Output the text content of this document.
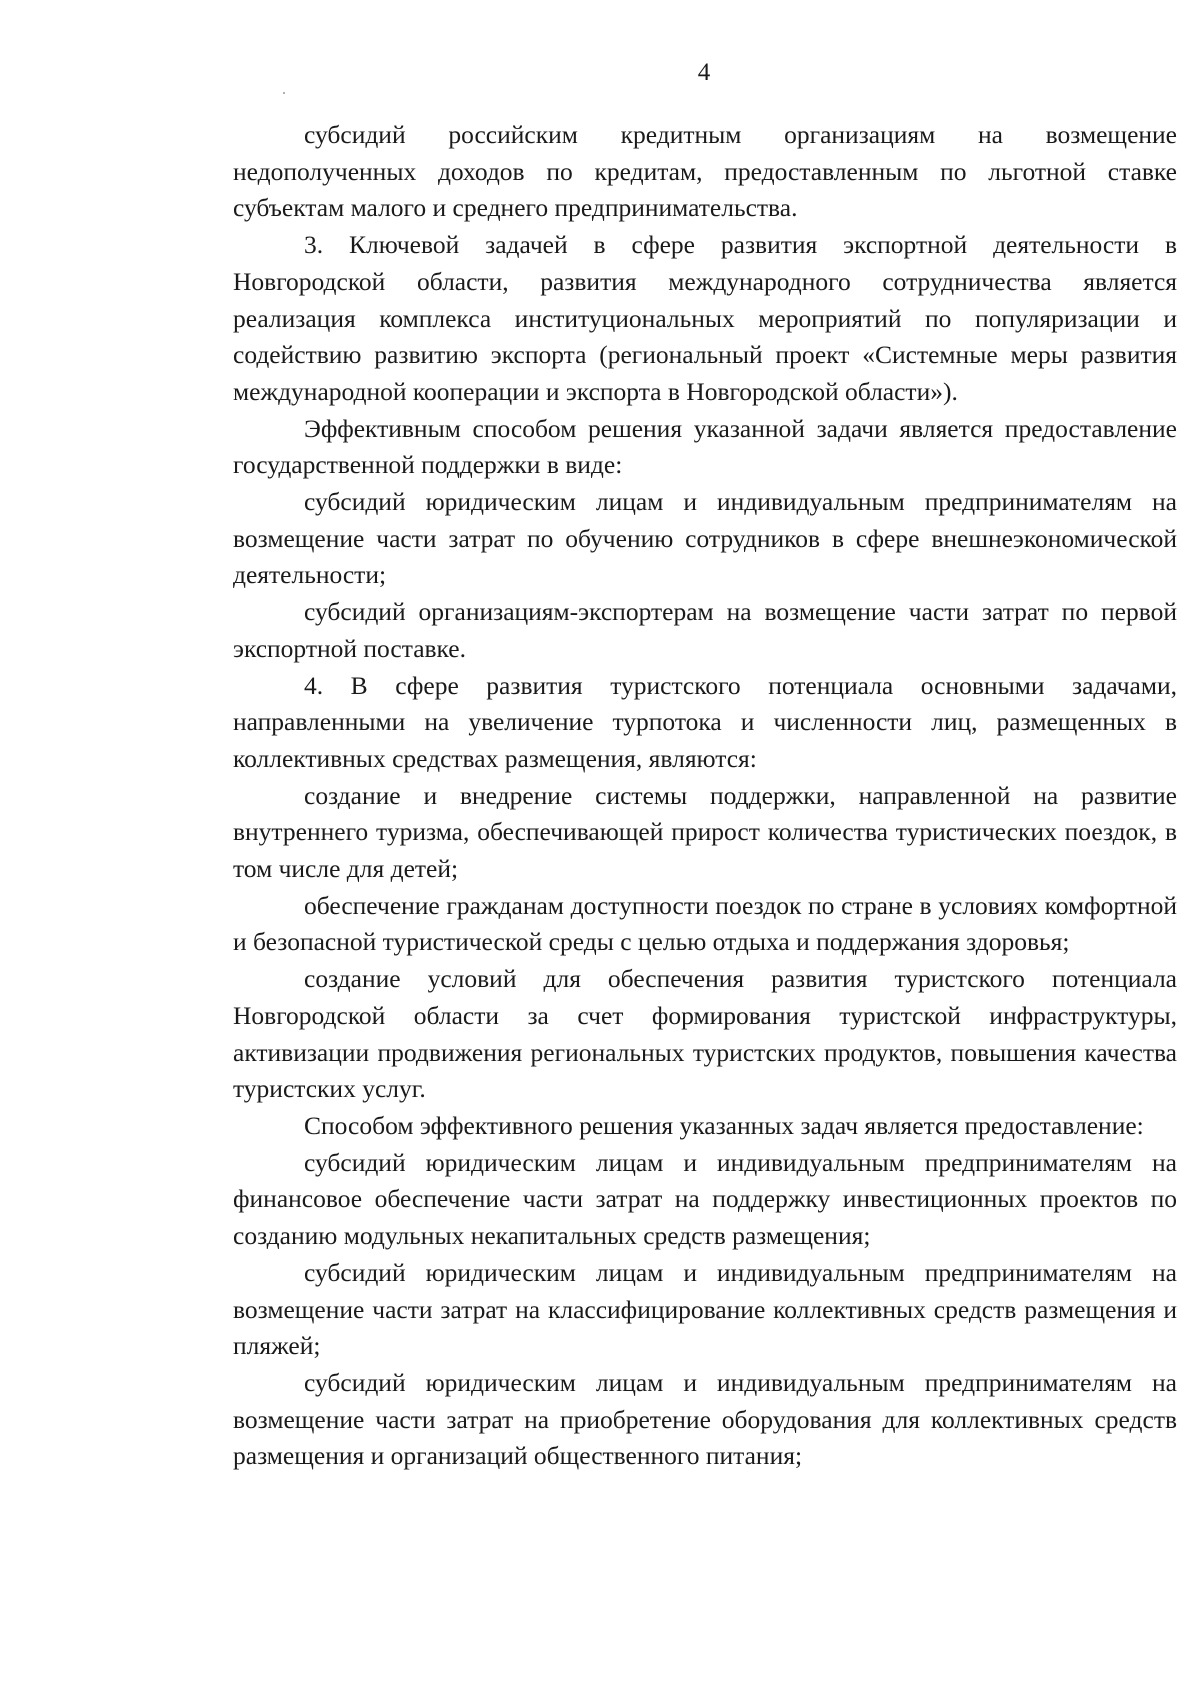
4

субсидий российским кредитным организациям на возмещение недополученных доходов по кредитам, предоставленным по льготной ставке субъектам малого и среднего предпринимательства.

3. Ключевой задачей в сфере развития экспортной деятельности в Новгородской области, развития международного сотрудничества является реализация комплекса институциональных мероприятий по популяризации и содействию развитию экспорта (региональный проект «Системные меры развития международной кооперации и экспорта в Новгородской области»).

Эффективным способом решения указанной задачи является предоставление государственной поддержки в виде:

субсидий юридическим лицам и индивидуальным предпринимателям на возмещение части затрат по обучению сотрудников в сфере внешнеэкономической деятельности;

субсидий организациям-экспортерам на возмещение части затрат по первой экспортной поставке.

4. В сфере развития туристского потенциала основными задачами, направленными на увеличение турпотока и численности лиц, размещенных в коллективных средствах размещения, являются:

создание и внедрение системы поддержки, направленной на развитие внутреннего туризма, обеспечивающей прирост количества туристических поездок, в том числе для детей;

обеспечение гражданам доступности поездок по стране в условиях комфортной и безопасной туристической среды с целью отдыха и поддержания здоровья;

создание условий для обеспечения развития туристского потенциала Новгородской области за счет формирования туристской инфраструктуры, активизации продвижения региональных туристских продуктов, повышения качества туристских услуг.

Способом эффективного решения указанных задач является предоставление:

субсидий юридическим лицам и индивидуальным предпринимателям на финансовое обеспечение части затрат на поддержку инвестиционных проектов по созданию модульных некапитальных средств размещения;

субсидий юридическим лицам и индивидуальным предпринимателям на возмещение части затрат на классифицирование коллективных средств размещения и пляжей;

субсидий юридическим лицам и индивидуальным предпринимателям на возмещение части затрат на приобретение оборудования для коллективных средств размещения и организаций общественного питания;
